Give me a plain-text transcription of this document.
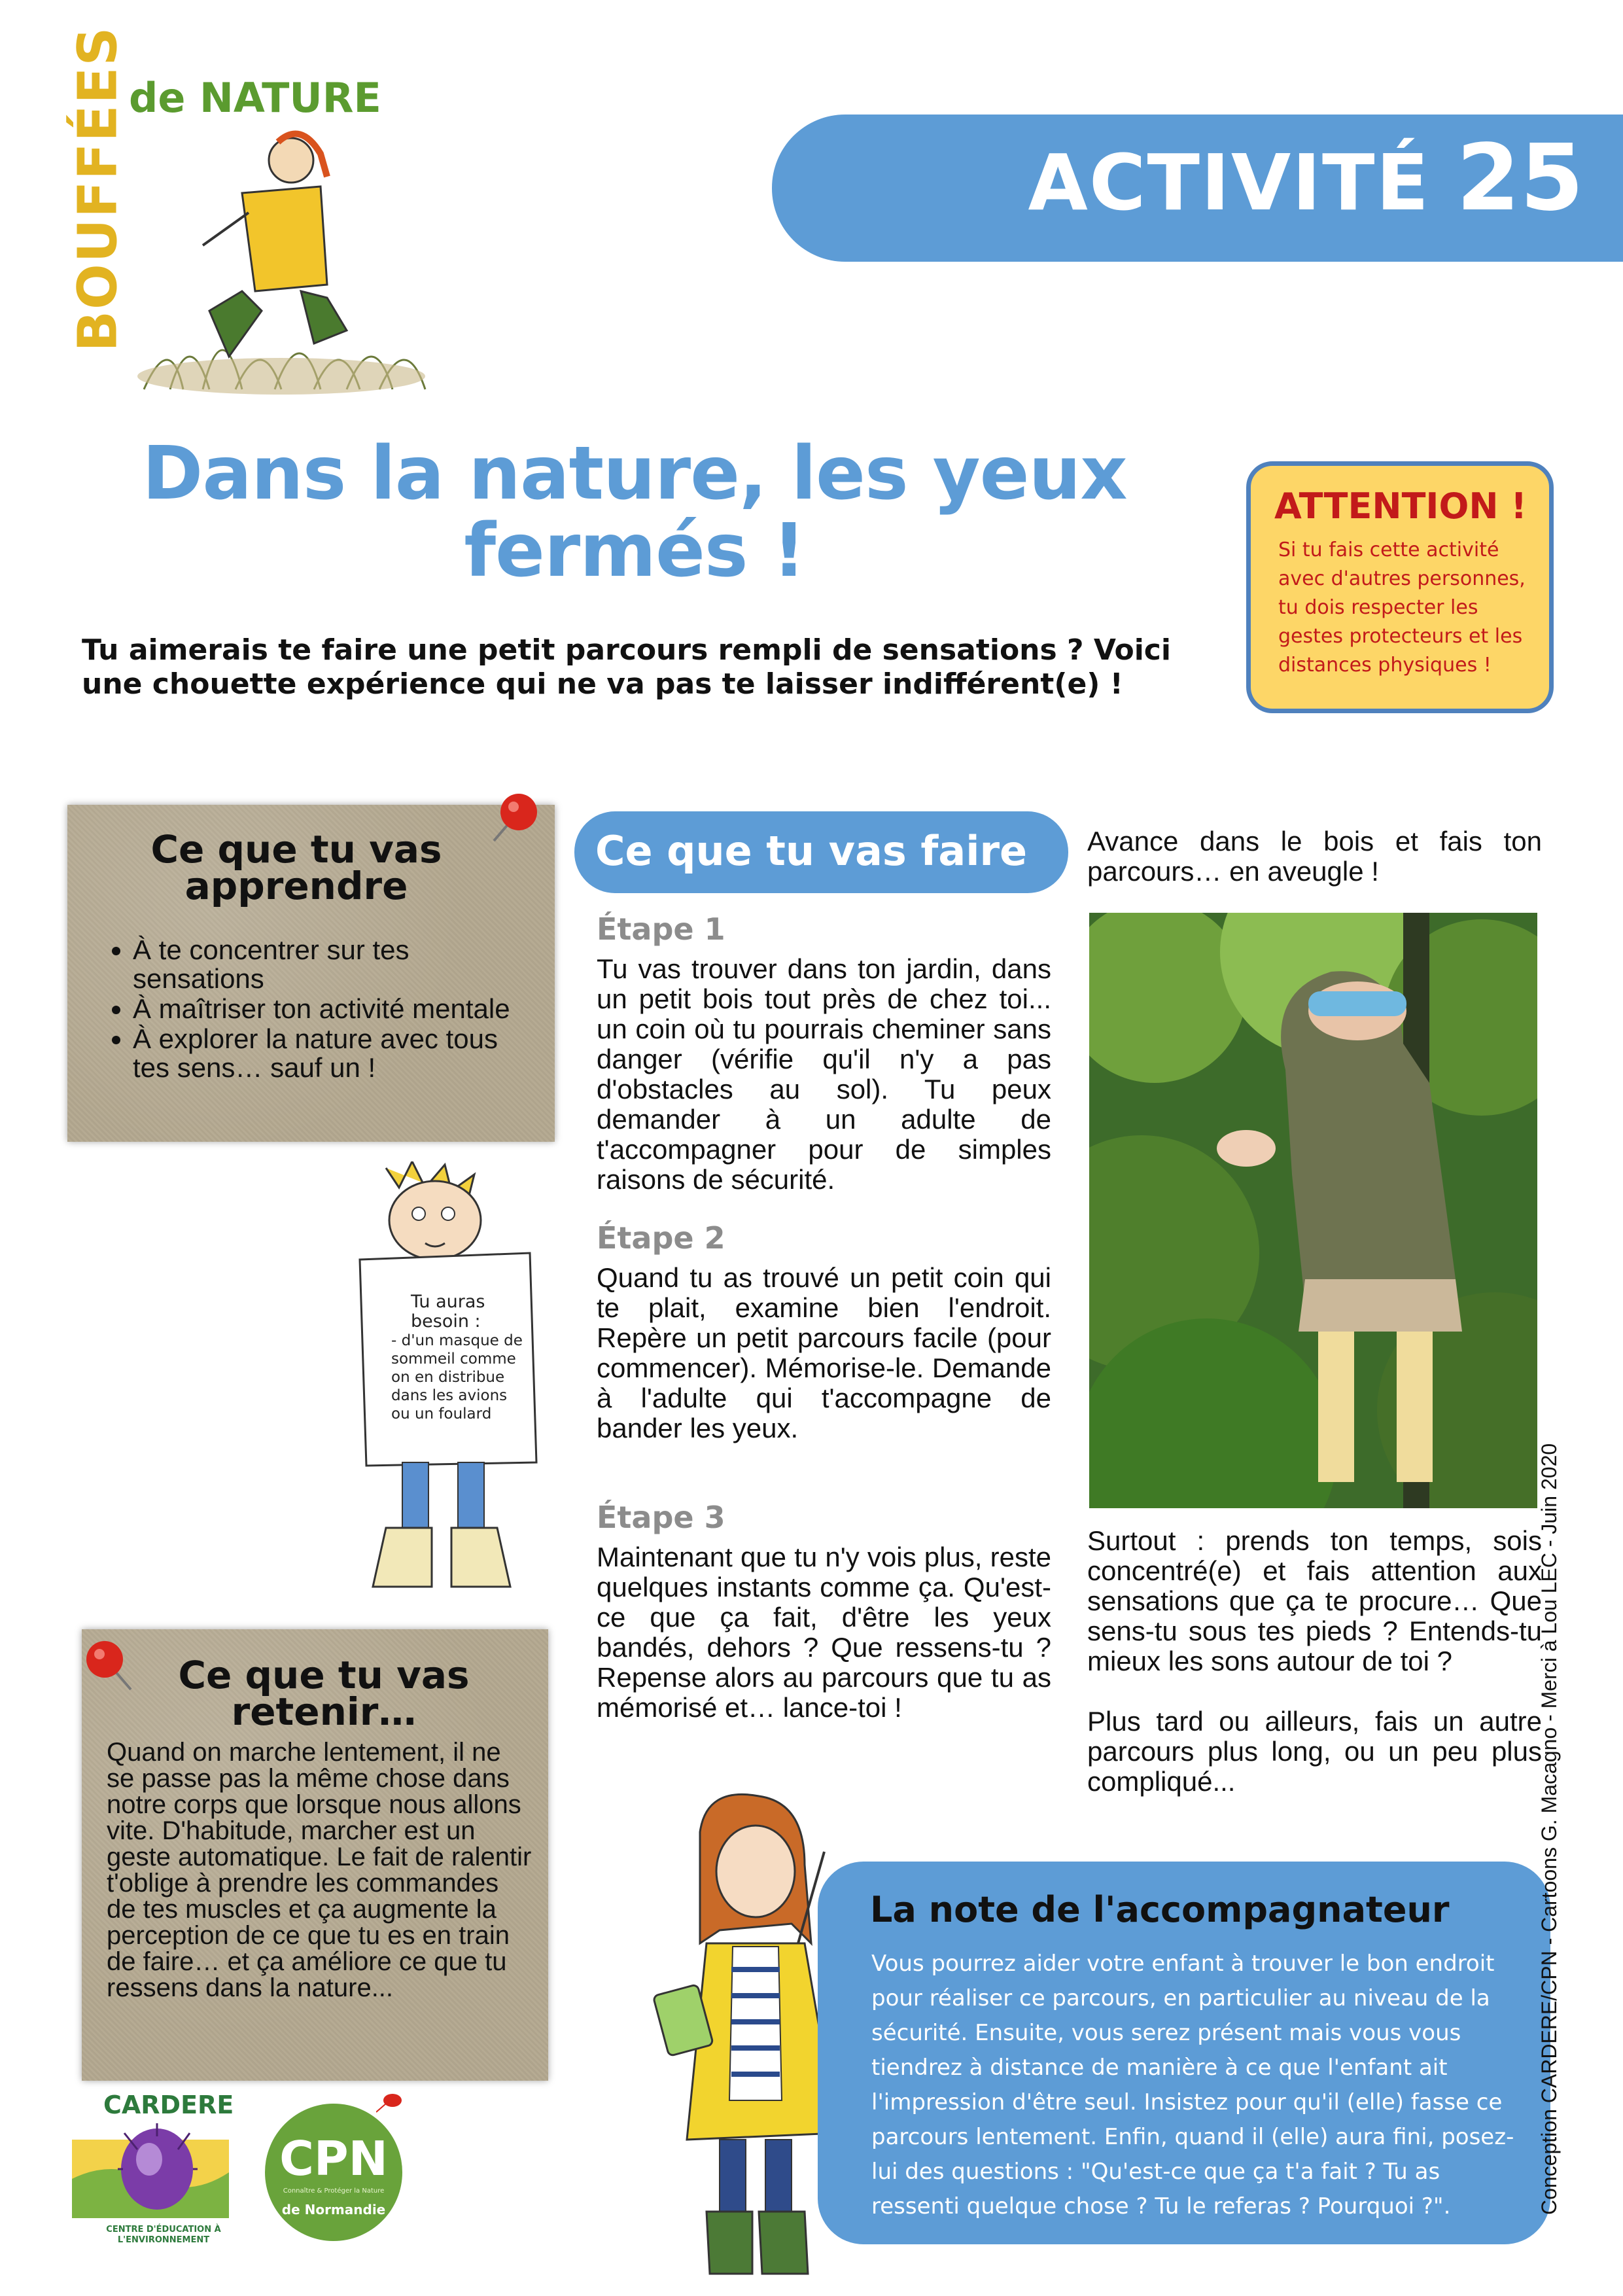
BOUFFÉES de NATURE
ACTIVITÉ 25
Dans la nature, les yeux
fermés !
Tu aimerais te faire une petit parcours rempli de sensations ? Voici une chouette expérience qui ne va pas te laisser indifférent(e) !
ATTENTION !

Si tu fais cette activité avec d'autres personnes, tu dois respecter les gestes protecteurs et les distances physiques !

Ce que tu vas apprendre
• À te concentrer sur tes sensations
• À maîtriser ton activité mentale
• À explorer la nature avec tous tes sens… sauf un !
Tu auras besoin :
- d'un masque de sommeil comme on en distribue dans les avions ou un foulard
Ce que tu vas retenir…

Quand on marche lentement, il ne se passe pas la même chose dans notre corps que lorsque nous allons vite. D'habitude, marcher est un geste automatique. Le fait de ralentir t'oblige à prendre les commandes de tes muscles et ça augmente la perception de ce que tu es en train de faire… et ça améliore ce que tu ressens dans la nature...

Ce que tu vas faire
Étape 1
Tu vas trouver dans ton jardin, dans un petit bois tout près de chez toi... un coin où tu pourrais cheminer sans danger (vérifie qu'il n'y a pas d'obstacles au sol). Tu peux demander à un adulte de t'accompagner pour de simples raisons de sécurité.
Étape 2
Quand tu as trouvé un petit coin qui te plait, examine bien l'endroit. Repère un petit parcours facile (pour commencer). Mémorise-le. Demande à l'adulte qui t'accompagne de bander les yeux.
Étape 3
Maintenant que tu n'y vois plus, reste quelques instants comme ça. Qu'est-ce que ça fait, d'être les yeux bandés, dehors ? Que ressens-tu ? Repense alors au parcours que tu as mémorisé et… lance-toi !
Avance dans le bois et fais ton parcours… en aveugle !
Surtout : prends ton temps, sois concentré(e) et fais attention aux sensations que ça te procure… Que sens-tu sous tes pieds ? Entends-tu mieux les sons autour de toi ?
Plus tard ou ailleurs, fais un autre parcours plus long, ou un peu plus compliqué...
La note de l'accompagnateur

Vous pourrez aider votre enfant à trouver le bon endroit pour réaliser ce parcours, en particulier au niveau de la sécurité. Ensuite, vous serez présent mais vous vous tiendrez à distance de manière à ce que l'enfant ait l'impression d'être seul. Insistez pour qu'il (elle) fasse ce parcours lentement. Enfin, quand il (elle) aura fini, posez-lui des questions : "Qu'est-ce que ça t'a fait ? Tu as ressenti quelque chose ? Tu le referas ? Pourquoi ?".	Conception CARDERE/CPN - Cartoons G. Macagno - Merci à Lou LEC - Juin 2020
CARDERE
CENTRE D'ÉDUCATION À L'ENVIRONNEMENT
CPN
Connaître & Protéger la Nature
de Normandie
